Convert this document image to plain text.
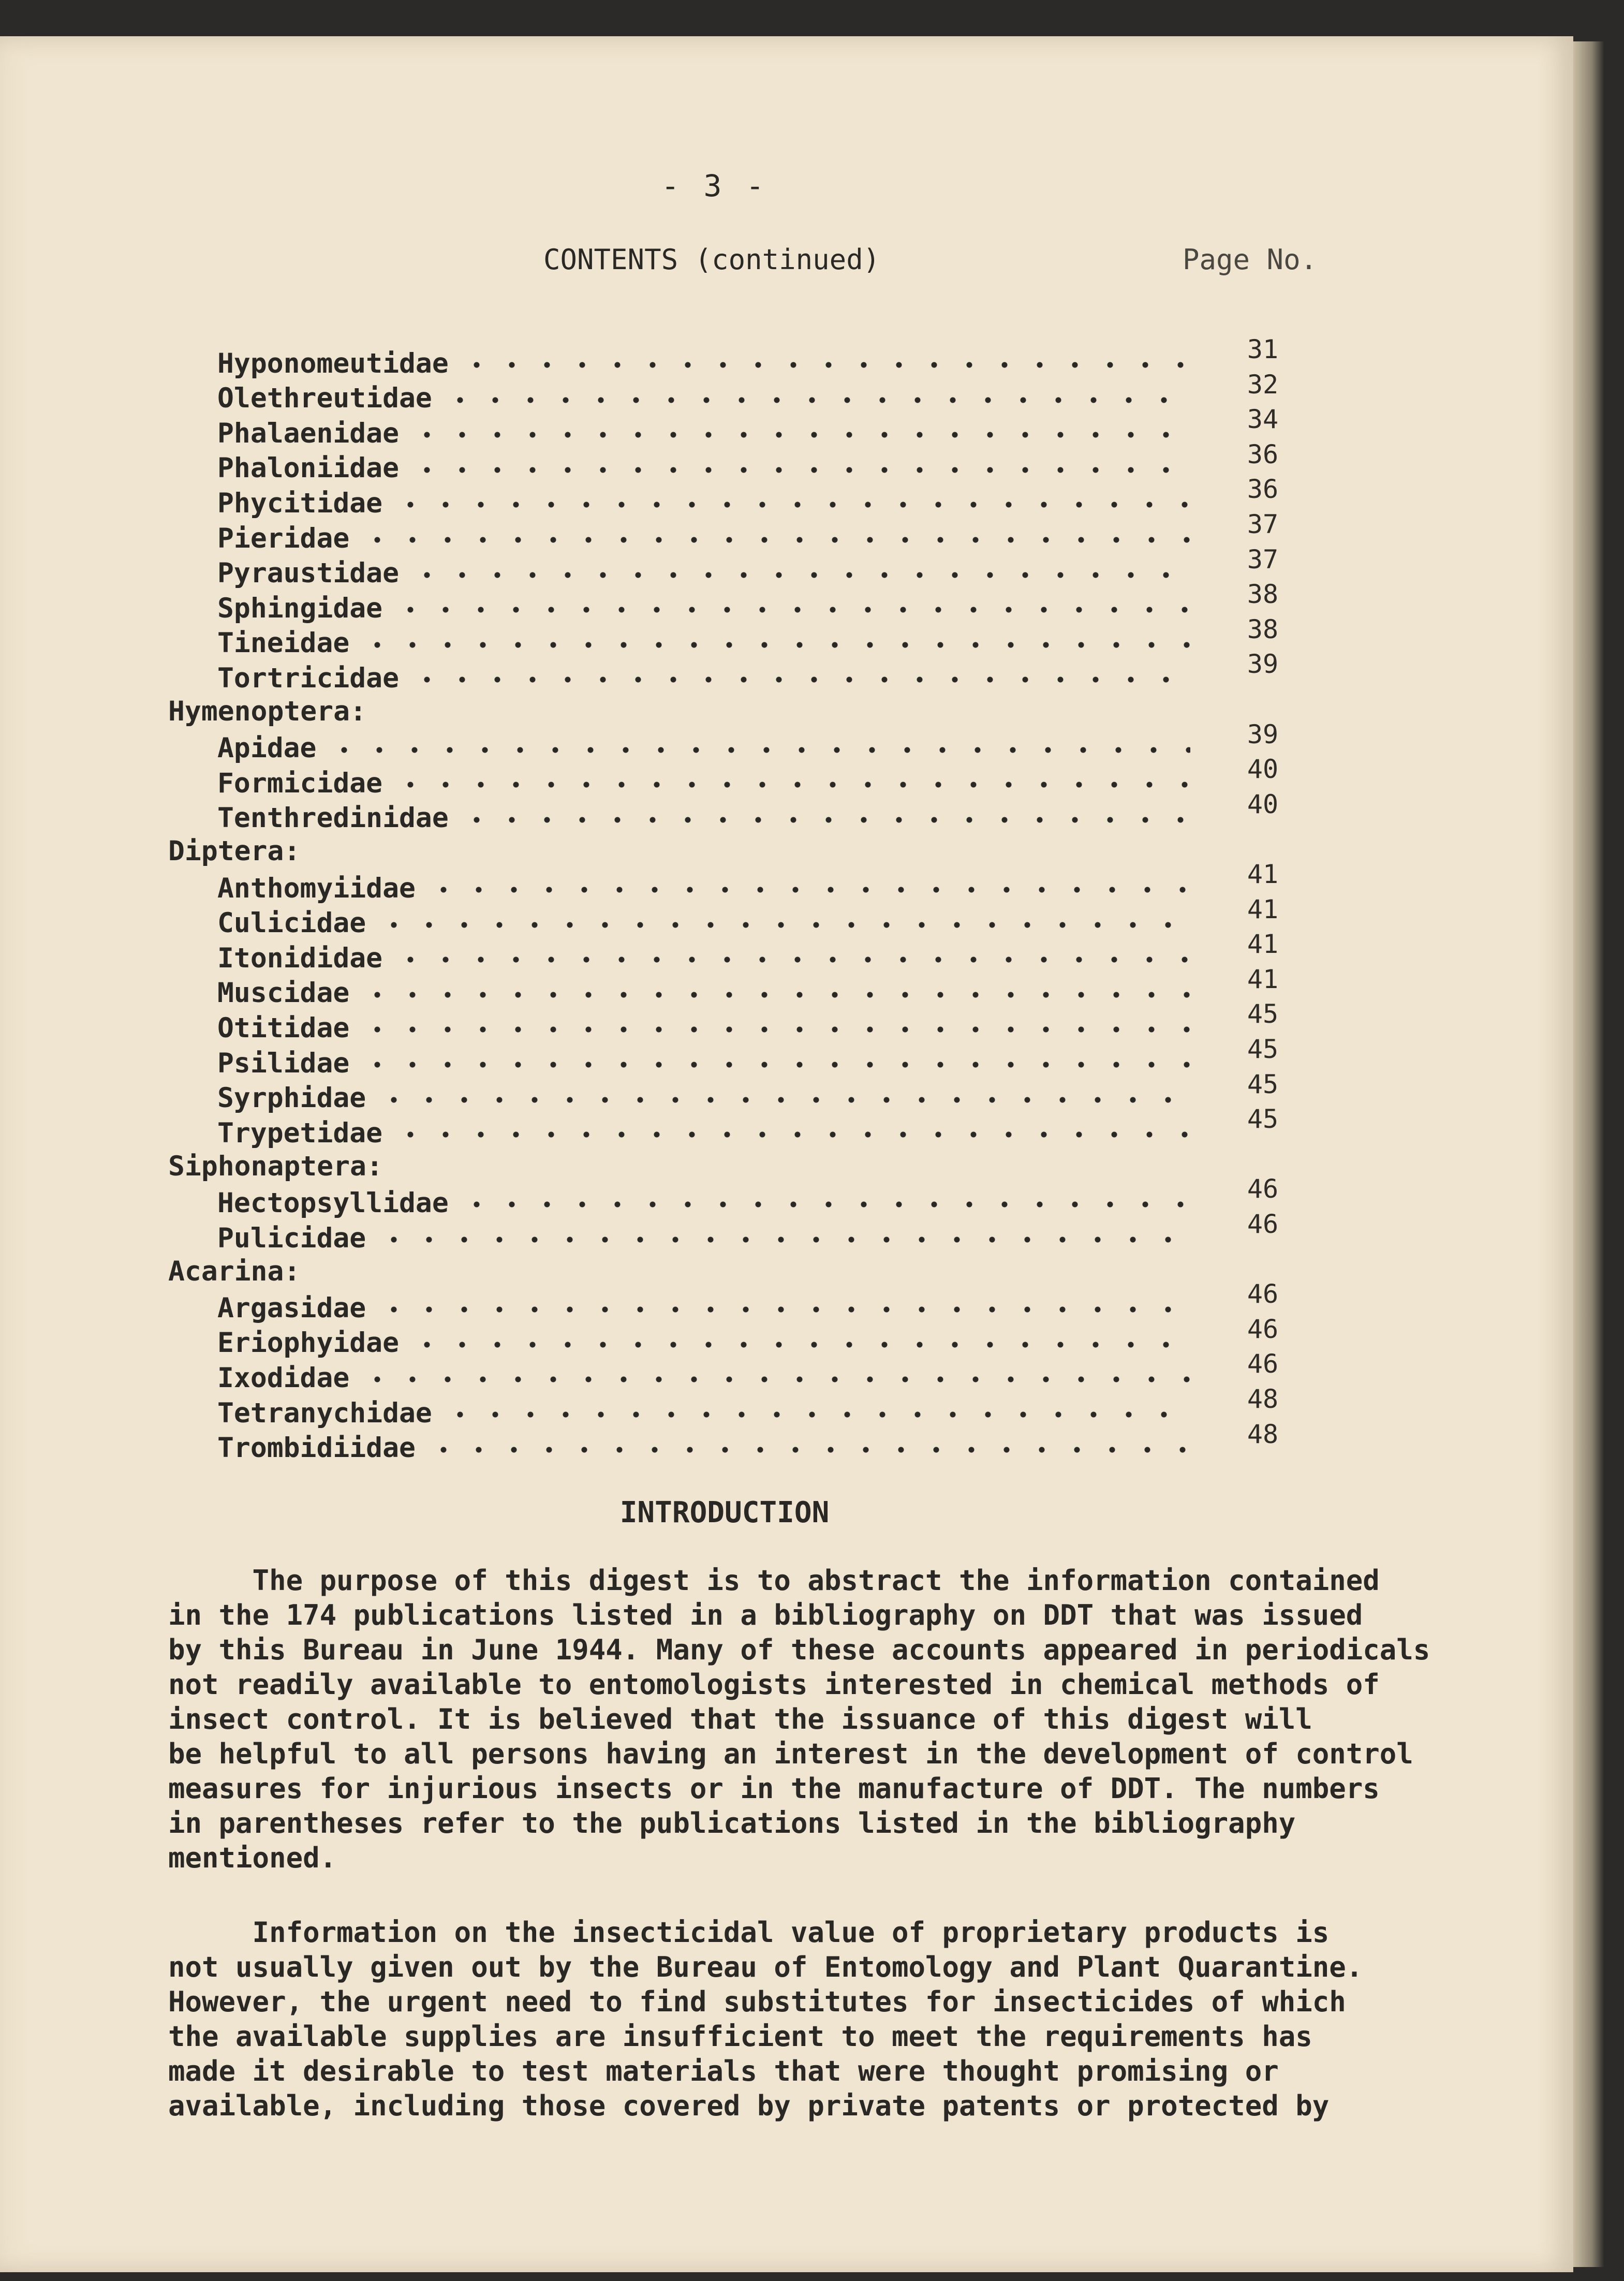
- 3 -
CONTENTS (continued)	Page No.
Hyponomeutidae	31
Olethreutidae	32
Phalaenidae	34
Phaloniidae	36
Phycitidae	36
Pieridae	37
Pyraustidae	37
Sphingidae	38
Tineidae	38
Tortricidae	39
Hymenoptera:
Apidae	39
Formicidae	40
Tenthredinidae	40
Diptera:
Anthomyiidae	41
Culicidae	41
Itonididae	41
Muscidae	41
Otitidae	45
Psilidae	45
Syrphidae	45
Trypetidae	45
Siphonaptera:
Hectopsyllidae	46
Pulicidae	46
Acarina:
Argasidae	46
Eriophyidae	46
Ixodidae	46
Tetranychidae	48
Trombidiidae	48
INTRODUCTION
The purpose of this digest is to abstract the information contained
in the 174 publications listed in a bibliography on DDT that was issued
by this Bureau in June 1944. Many of these accounts appeared in periodicals
not readily available to entomologists interested in chemical methods of
insect control. It is believed that the issuance of this digest will
be helpful to all persons having an interest in the development of control
measures for injurious insects or in the manufacture of DDT. The numbers
in parentheses refer to the publications listed in the bibliography
mentioned.
Information on the insecticidal value of proprietary products is
not usually given out by the Bureau of Entomology and Plant Quarantine.
However, the urgent need to find substitutes for insecticides of which
the available supplies are insufficient to meet the requirements has
made it desirable to test materials that were thought promising or
available, including those covered by private patents or protected by
